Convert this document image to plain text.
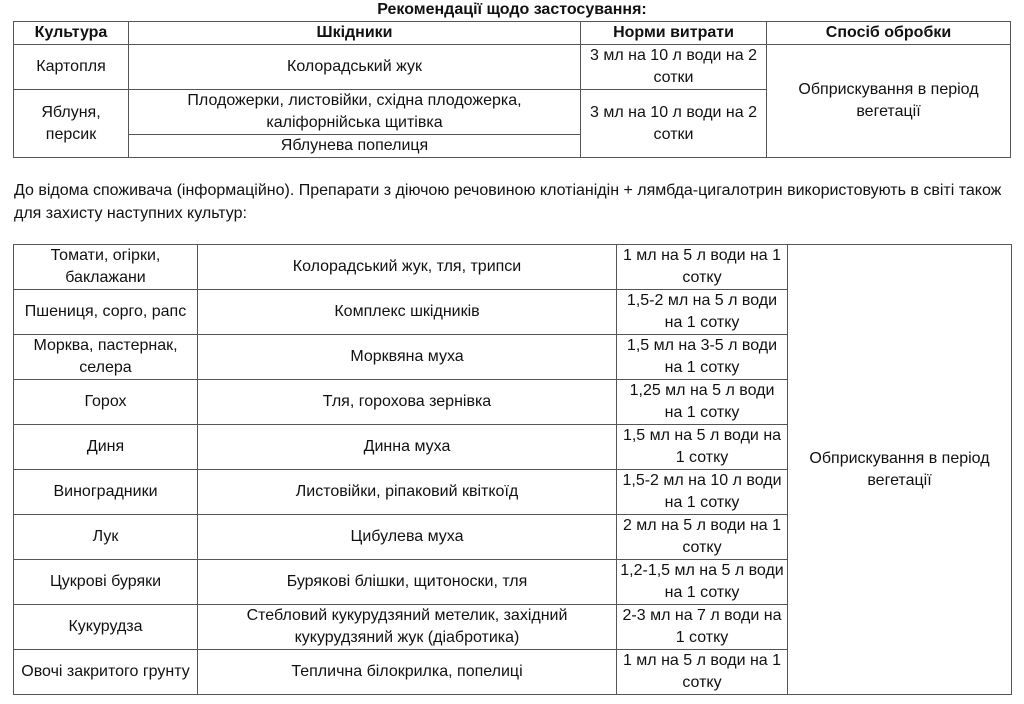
Рекомендації щодо застосування:
Культура	Шкідники	Норми витрати	Спосіб обробки
Картопля	Колорадський жук	3 мл на 10 л води на 2 сотки	Обприскування в період вегетації
Яблуня, персик	Плодожерки, листовійки, східна плодожерка, каліфорнійська щитівка	3 мл на 10 л води на 2 сотки	
	Яблунева попелиця		
До відома споживача (інформаційно). Препарати з діючою речовиною клотіанідін + лямбда-цигалотрин використовують в світі також для захисту наступних культур:
Томати, огірки, баклажани	Колорадський жук, тля, трипси	1 мл на 5 л води на 1 сотку	Обприскування в період вегетації
Пшениця, сорго, рапс	Комплекс шкідників	1,5-2 мл на 5 л води на 1 сотку	
Морква, пастернак, селера	Морквяна муха	1,5 мл на 3-5 л води на 1 сотку	
Горох	Тля, горохова зернівка	1,25 мл на 5 л води на 1 сотку	
Диня	Динна муха	1,5 мл на 5 л води на 1 сотку	
Виноградники	Листовійки, ріпаковий квіткоїд	1,5-2 мл на 10 л води на 1 сотку	
Лук	Цибулева муха	2 мл на 5 л води на 1 сотку	
Цукрові буряки	Бурякові блішки, щитоноски, тля	1,2-1,5 мл на 5 л води на 1 сотку	
Кукурудза	Стебловий кукурудзяний метелик, західний кукурудзяний жук (діабротика)	2-3 мл на 7 л води на 1 сотку	
Овочі закритого грунту	Теплична білокрилка, попелиці	1 мл на 5 л води на 1 сотку	
